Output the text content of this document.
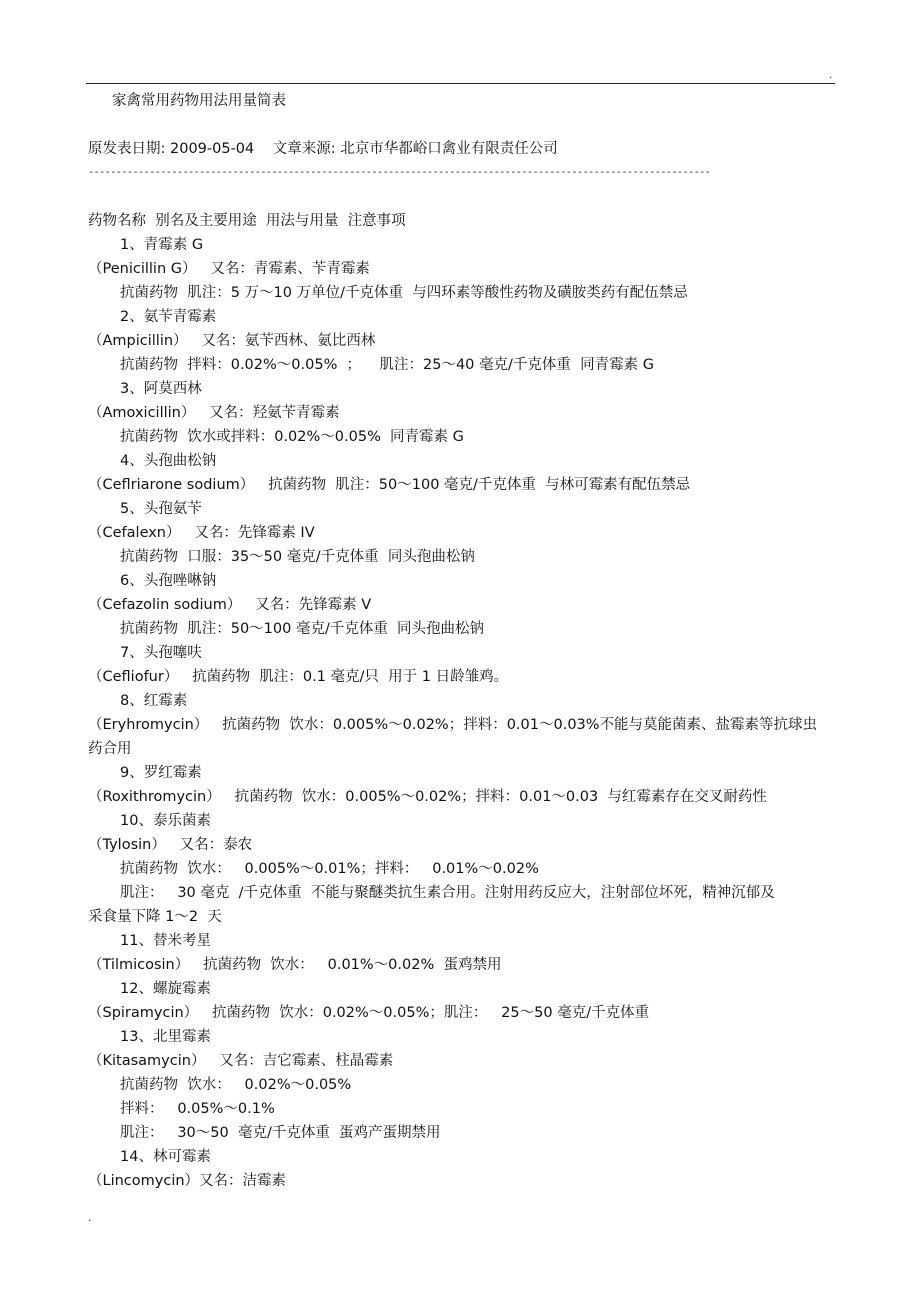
.
家禽常用药物用法用量简表
原发表日期: 2009-05-04    文章来源: 北京市华都峪口禽业有限责任公司
----------------------------------------------------------------------------------------------------------------
药物名称  别名及主要用途  用法与用量  注意事项
1、青霉素 G
（Penicillin G）   又名：青霉素、苄青霉素
抗菌药物  肌注：5 万～10 万单位/千克体重  与四环素等酸性药物及磺胺类药有配伍禁忌
2、氨苄青霉素
（Ampicillin）   又名：氨苄西林、氨比西林
抗菌药物  拌料：0.02%～0.05%  ；    肌注：25～40 毫克/千克体重  同青霉素 G
3、阿莫西林
（Amoxicillin）   又名：羟氨苄青霉素
抗菌药物  饮水或拌料：0.02%～0.05%  同青霉素 G
4、头孢曲松钠
（Ceflriarone sodium）   抗菌药物  肌注：50～100 毫克/千克体重  与林可霉素有配伍禁忌
5、头孢氨苄
（Cefalexn）   又名：先锋霉素 IV
抗菌药物  口服：35～50 毫克/千克体重  同头孢曲松钠
6、头孢唑啉钠
（Cefazolin sodium）   又名：先锋霉素 V
抗菌药物  肌注：50～100 毫克/千克体重  同头孢曲松钠
7、头孢噻呋
（Cefliofur）   抗菌药物  肌注：0.1 毫克/只  用于 1 日龄雏鸡。
8、红霉素
（Eryhromycin）   抗菌药物  饮水：0.005%～0.02%；拌料：0.01～0.03%不能与莫能菌素、盐霉素等抗球虫
药合用
9、罗红霉素
（Roxithromycin）   抗菌药物  饮水：0.005%～0.02%；拌料：0.01～0.03  与红霉素存在交叉耐药性
10、泰乐菌素
（Tylosin）   又名：泰农
抗菌药物  饮水：   0.005%～0.01%；拌料：   0.01%～0.02%
肌注：   30 毫克  /千克体重  不能与聚醚类抗生素合用。注射用药反应大，注射部位坏死，精神沉郁及
采食量下降 1～2  天
11、替米考星
（Tilmicosin）   抗菌药物  饮水：   0.01%～0.02%  蛋鸡禁用
12、螺旋霉素
（Spiramycin）   抗菌药物  饮水：0.02%～0.05%；肌注：   25～50 毫克/千克体重
13、北里霉素
（Kitasamycin）   又名：吉它霉素、柱晶霉素
抗菌药物  饮水：   0.02%～0.05%
拌料：   0.05%～0.1%
肌注：   30～50  毫克/千克体重  蛋鸡产蛋期禁用
14、林可霉素
（Lincomycin）又名：洁霉素
.
